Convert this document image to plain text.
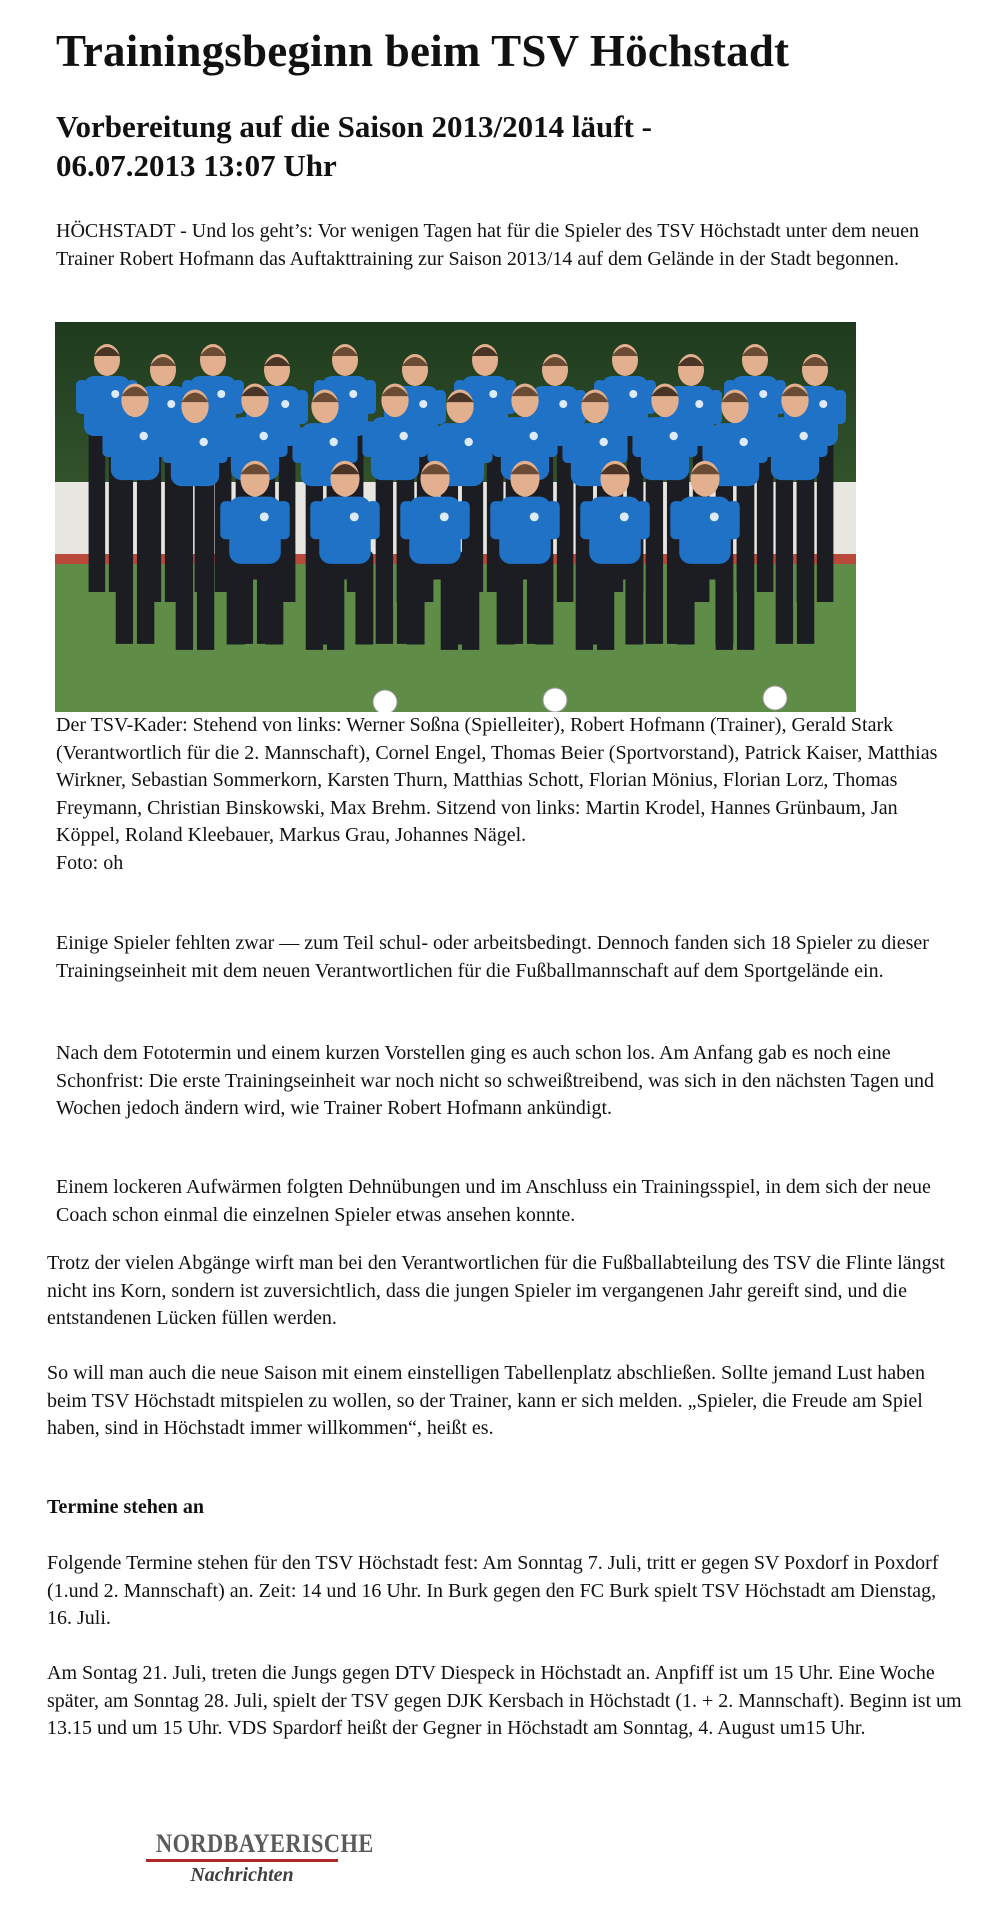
Trainingsbeginn beim TSV Höchstadt
Vorbereitung auf die Saison 2013/2014 läuft -
06.07.2013 13:07 Uhr

HÖCHSTADT - Und los geht’s: Vor wenigen Tagen hat für die Spieler des TSV Höchstadt unter dem neuen Trainer Robert Hofmann das Auftakttraining zur Saison 2013/14 auf dem Gelände in der Stadt begonnen.

Der TSV-Kader: Stehend von links: Werner Soßna (Spielleiter), Robert Hofmann (Trainer), Gerald Stark (Verantwortlich für die 2. Mannschaft), Cornel Engel, Thomas Beier (Sportvorstand), Patrick Kaiser, Matthias Wirkner, Sebastian Sommerkorn, Karsten Thurn, Matthias Schott, Florian Mönius, Florian Lorz, Thomas Freymann, Christian Binskowski, Max Brehm. Sitzend von links: Martin Krodel, Hannes Grünbaum, Jan Köppel, Roland Kleebauer, Markus Grau, Johannes Nägel.
Foto: oh

Einige Spieler fehlten zwar — zum Teil schul- oder arbeitsbedingt. Dennoch fanden sich 18 Spieler zu dieser Trainingseinheit mit dem neuen Verantwortlichen für die Fußballmannschaft auf dem Sportgelände ein.

Nach dem Fototermin und einem kurzen Vorstellen ging es auch schon los. Am Anfang gab es noch eine Schonfrist: Die erste Trainingseinheit war noch nicht so schweißtreibend, was sich in den nächsten Tagen und Wochen jedoch ändern wird, wie Trainer Robert Hofmann ankündigt.

Einem lockeren Aufwärmen folgten Dehnübungen und im Anschluss ein Trainingsspiel, in dem sich der neue Coach schon einmal die einzelnen Spieler etwas ansehen konnte.

Trotz der vielen Abgänge wirft man bei den Verantwortlichen für die Fußballabteilung des TSV die Flinte längst nicht ins Korn, sondern ist zuversichtlich, dass die jungen Spieler im vergangenen Jahr gereift sind, und die entstandenen Lücken füllen werden.

So will man auch die neue Saison mit einem einstelligen Tabellenplatz abschließen. Sollte jemand Lust haben beim TSV Höchstadt mitspielen zu wollen, so der Trainer, kann er sich melden. „Spieler, die Freude am Spiel haben, sind in Höchstadt immer willkommen“, heißt es.

Termine stehen an

Folgende Termine stehen für den TSV Höchstadt fest: Am Sonntag 7. Juli, tritt er gegen SV Poxdorf in Poxdorf (1.und 2. Mannschaft) an. Zeit: 14 und 16 Uhr. In Burk gegen den FC Burk spielt TSV Höchstadt am Dienstag, 16. Juli.

Am Sontag 21. Juli, treten die Jungs gegen DTV Diespeck in Höchstadt an. Anpfiff ist um 15 Uhr. Eine Woche später, am Sonntag 28. Juli, spielt der TSV gegen DJK Kersbach in Höchstadt (1. + 2. Mannschaft). Beginn ist um 13.15 und um 15 Uhr. VDS Spardorf heißt der Gegner in Höchstadt am Sonntag, 4. August um15 Uhr.

NORDBAYERISCHE
Nachrichten
